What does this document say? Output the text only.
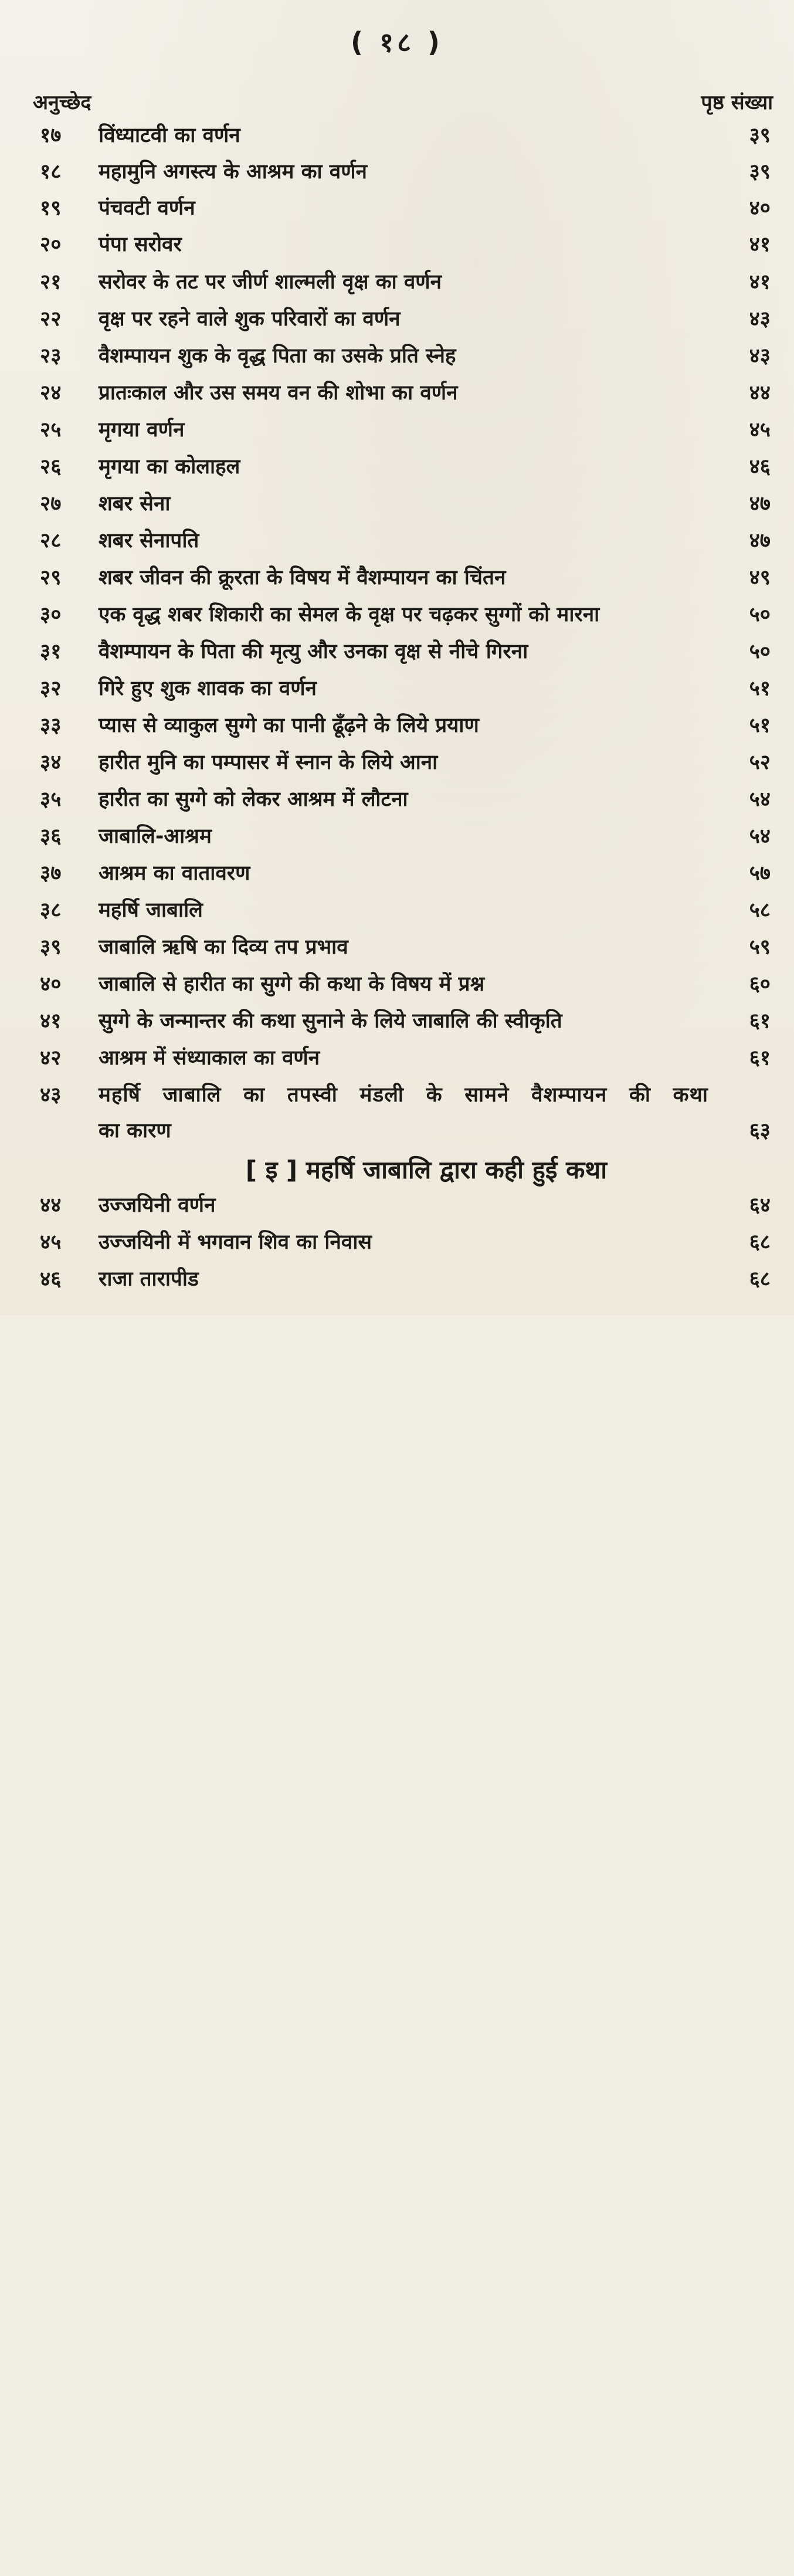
( १८ )
अनुच्छेद	पृष्ठ संख्या
१७	विंध्याटवी का वर्णन	३९
१८	महामुनि अगस्त्य के आश्रम का वर्णन	३९
१९	पंचवटी वर्णन	४०
२०	पंपा सरोवर	४१
२१	सरोवर के तट पर जीर्ण शाल्मली वृक्ष का वर्णन	४१
२२	वृक्ष पर रहने वाले शुक परिवारों का वर्णन	४३
२३	वैशम्पायन शुक के वृद्ध पिता का उसके प्रति स्नेह	४३
२४	प्रातःकाल और उस समय वन की शोभा का वर्णन	४४
२५	मृगया वर्णन	४५
२६	मृगया का कोलाहल	४६
२७	शबर सेना	४७
२८	शबर सेनापति	४७
२९	शबर जीवन की क्रूरता के विषय में वैशम्पायन का चिंतन	४९
३०	एक वृद्ध शबर शिकारी का सेमल के वृक्ष पर चढ़कर सुग्गों को मारना	५०
३१	वैशम्पायन के पिता की मृत्यु और उनका वृक्ष से नीचे गिरना	५०
३२	गिरे हुए शुक शावक का वर्णन	५१
३३	प्यास से व्याकुल सुग्गे का पानी ढूँढ़ने के लिये प्रयाण	५१
३४	हारीत मुनि का पम्पासर में स्नान के लिये आना	५२
३५	हारीत का सुग्गे को लेकर आश्रम में लौटना	५४
३६	जाबालि-आश्रम	५४
३७	आश्रम का वातावरण	५७
३८	महर्षि जाबालि	५८
३९	जाबालि ऋषि का दिव्य तप प्रभाव	५९
४०	जाबालि से हारीत का सुग्गे की कथा के विषय में प्रश्न	६०
४१	सुग्गे के जन्मान्तर की कथा सुनाने के लिये जाबालि की स्वीकृति	६१
४२	आश्रम में संध्याकाल का वर्णन	६१
४३	महर्षि जाबालि का तपस्वी मंडली के सामने वैशम्पायन की कथा
का कारण	६३
[ इ ] महर्षि जाबालि द्वारा कही हुई कथा
४४	उज्जयिनी वर्णन	६४
४५	उज्जयिनी में भगवान शिव का निवास	६८
४६	राजा तारापीड	६८
